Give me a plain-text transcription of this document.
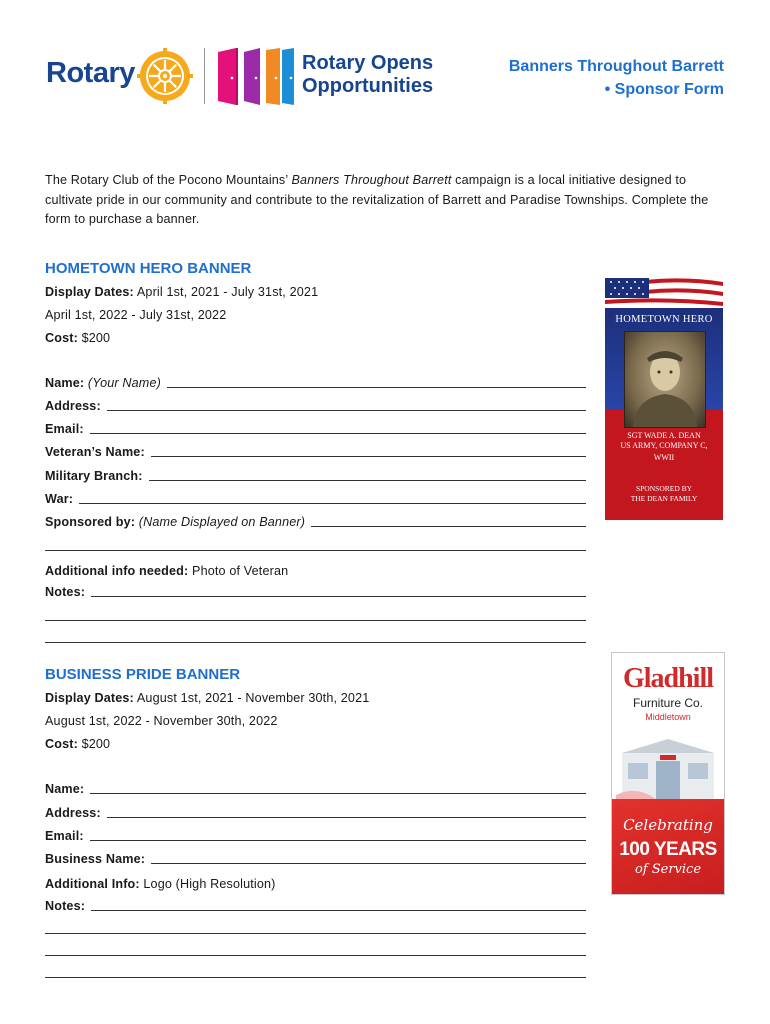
Rotary	Rotary Opens
Opportunities
Banners Throughout Barrett
• Sponsor Form
The Rotary Club of the Pocono Mountains’ Banners Throughout Barrett campaign is a local initiative designed to cultivate pride in our community and contribute to the revitalization of Barrett and Paradise Townships. Complete the form to purchase a banner.
HOMETOWN HERO BANNER
Display Dates: April 1st, 2021 - July 31st, 2021
April 1st, 2022 - July 31st, 2022
Cost: $200
Name: (Your Name)
Address:
Email:
Veteran’s Name:
Military Branch:
War:
Sponsored by: (Name Displayed on Banner)
Additional info needed: Photo of Veteran
Notes:
HOMETOWN HERO
SGT WADE A. DEAN
US ARMY, COMPANY C,
WWII
SPONSORED BY
THE DEAN FAMILY
BUSINESS PRIDE BANNER
Display Dates: August 1st, 2021 - November 30th, 2021
August 1st, 2022 - November 30th, 2022
Cost: $200
Name:
Address:
Email:
Business Name:
Additional Info: Logo (High Resolution)
Notes:
Gladhill
Furniture Co.
Middletown
Celebrating
100 YEARS
of Service
